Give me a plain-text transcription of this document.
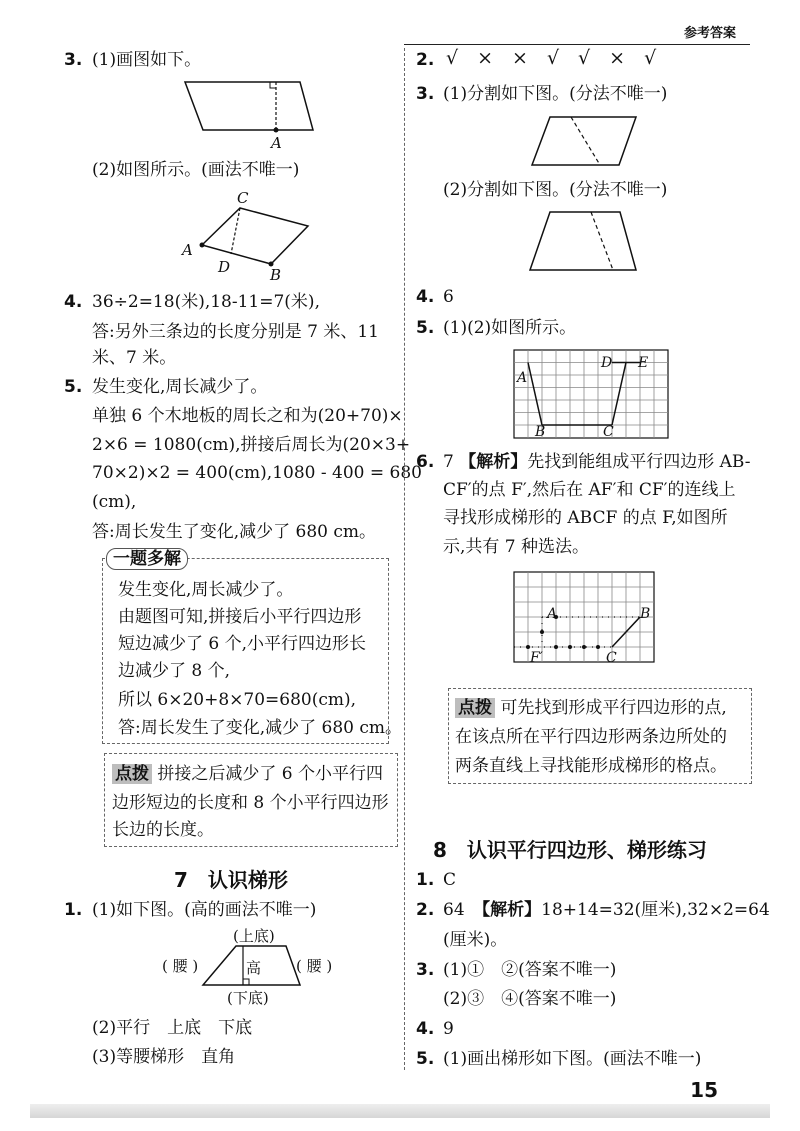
参考答案
3. (1)画图如下。
A
(2)如图所示。(画法不唯一)
C
A
D	B
4. 36÷2=18(米),18-11=7(米),
答:另外三条边的长度分别是 7 米、11
米、7 米。
5. 发生变化,周长减少了。
单独 6 个木地板的周长之和为(20+70)×
2×6 = 1080(cm),拼接后周长为(20×3+
70×2)×2 = 400(cm),1080 - 400 = 680
(cm),
答:周长发生了变化,减少了 680 cm。
一题多解
发生变化,周长减少了。
由题图可知,拼接后小平行四边形
短边减少了 6 个,小平行四边形长
边减少了 8 个,
所以 6×20+8×70=680(cm),
答:周长发生了变化,减少了 680 cm。
点拨 拼接之后减少了 6 个小平行四
边形短边的长度和 8 个小平行四边形
长边的长度。
7　认识梯形
1. (1)如下图。(高的画法不唯一)
(上底)
( 腰 )	高 ( 腰 )
(下底)
(2)平行　上底　下底
(3)等腰梯形　直角
2. √　×　×　√　√　×　√
3. (1)分割如下图。(分法不唯一)
(2)分割如下图。(分法不唯一)
4. 6
5. (1)(2)如图所示。
A
B	C
D E
6. 7 【解析】先找到能组成平行四边形 AB-
CF′的点 F′,然后在 AF′和 CF′的连线上
寻找形成梯形的 ABCF 的点 F,如图所
示,共有 7 种选法。
A	B
C
F′
点拨 可先找到形成平行四边形的点,
在该点所在平行四边形两条边所处的
两条直线上寻找能形成梯形的格点。
8　认识平行四边形、梯形练习
1. C
2. 64　 【解析】18+14=32(厘米),32×2=64
(厘米)。
3. (1)①　②(答案不唯一)
(2)③　④(答案不唯一)
4. 9
5. (1)画出梯形如下图。(画法不唯一)
15
